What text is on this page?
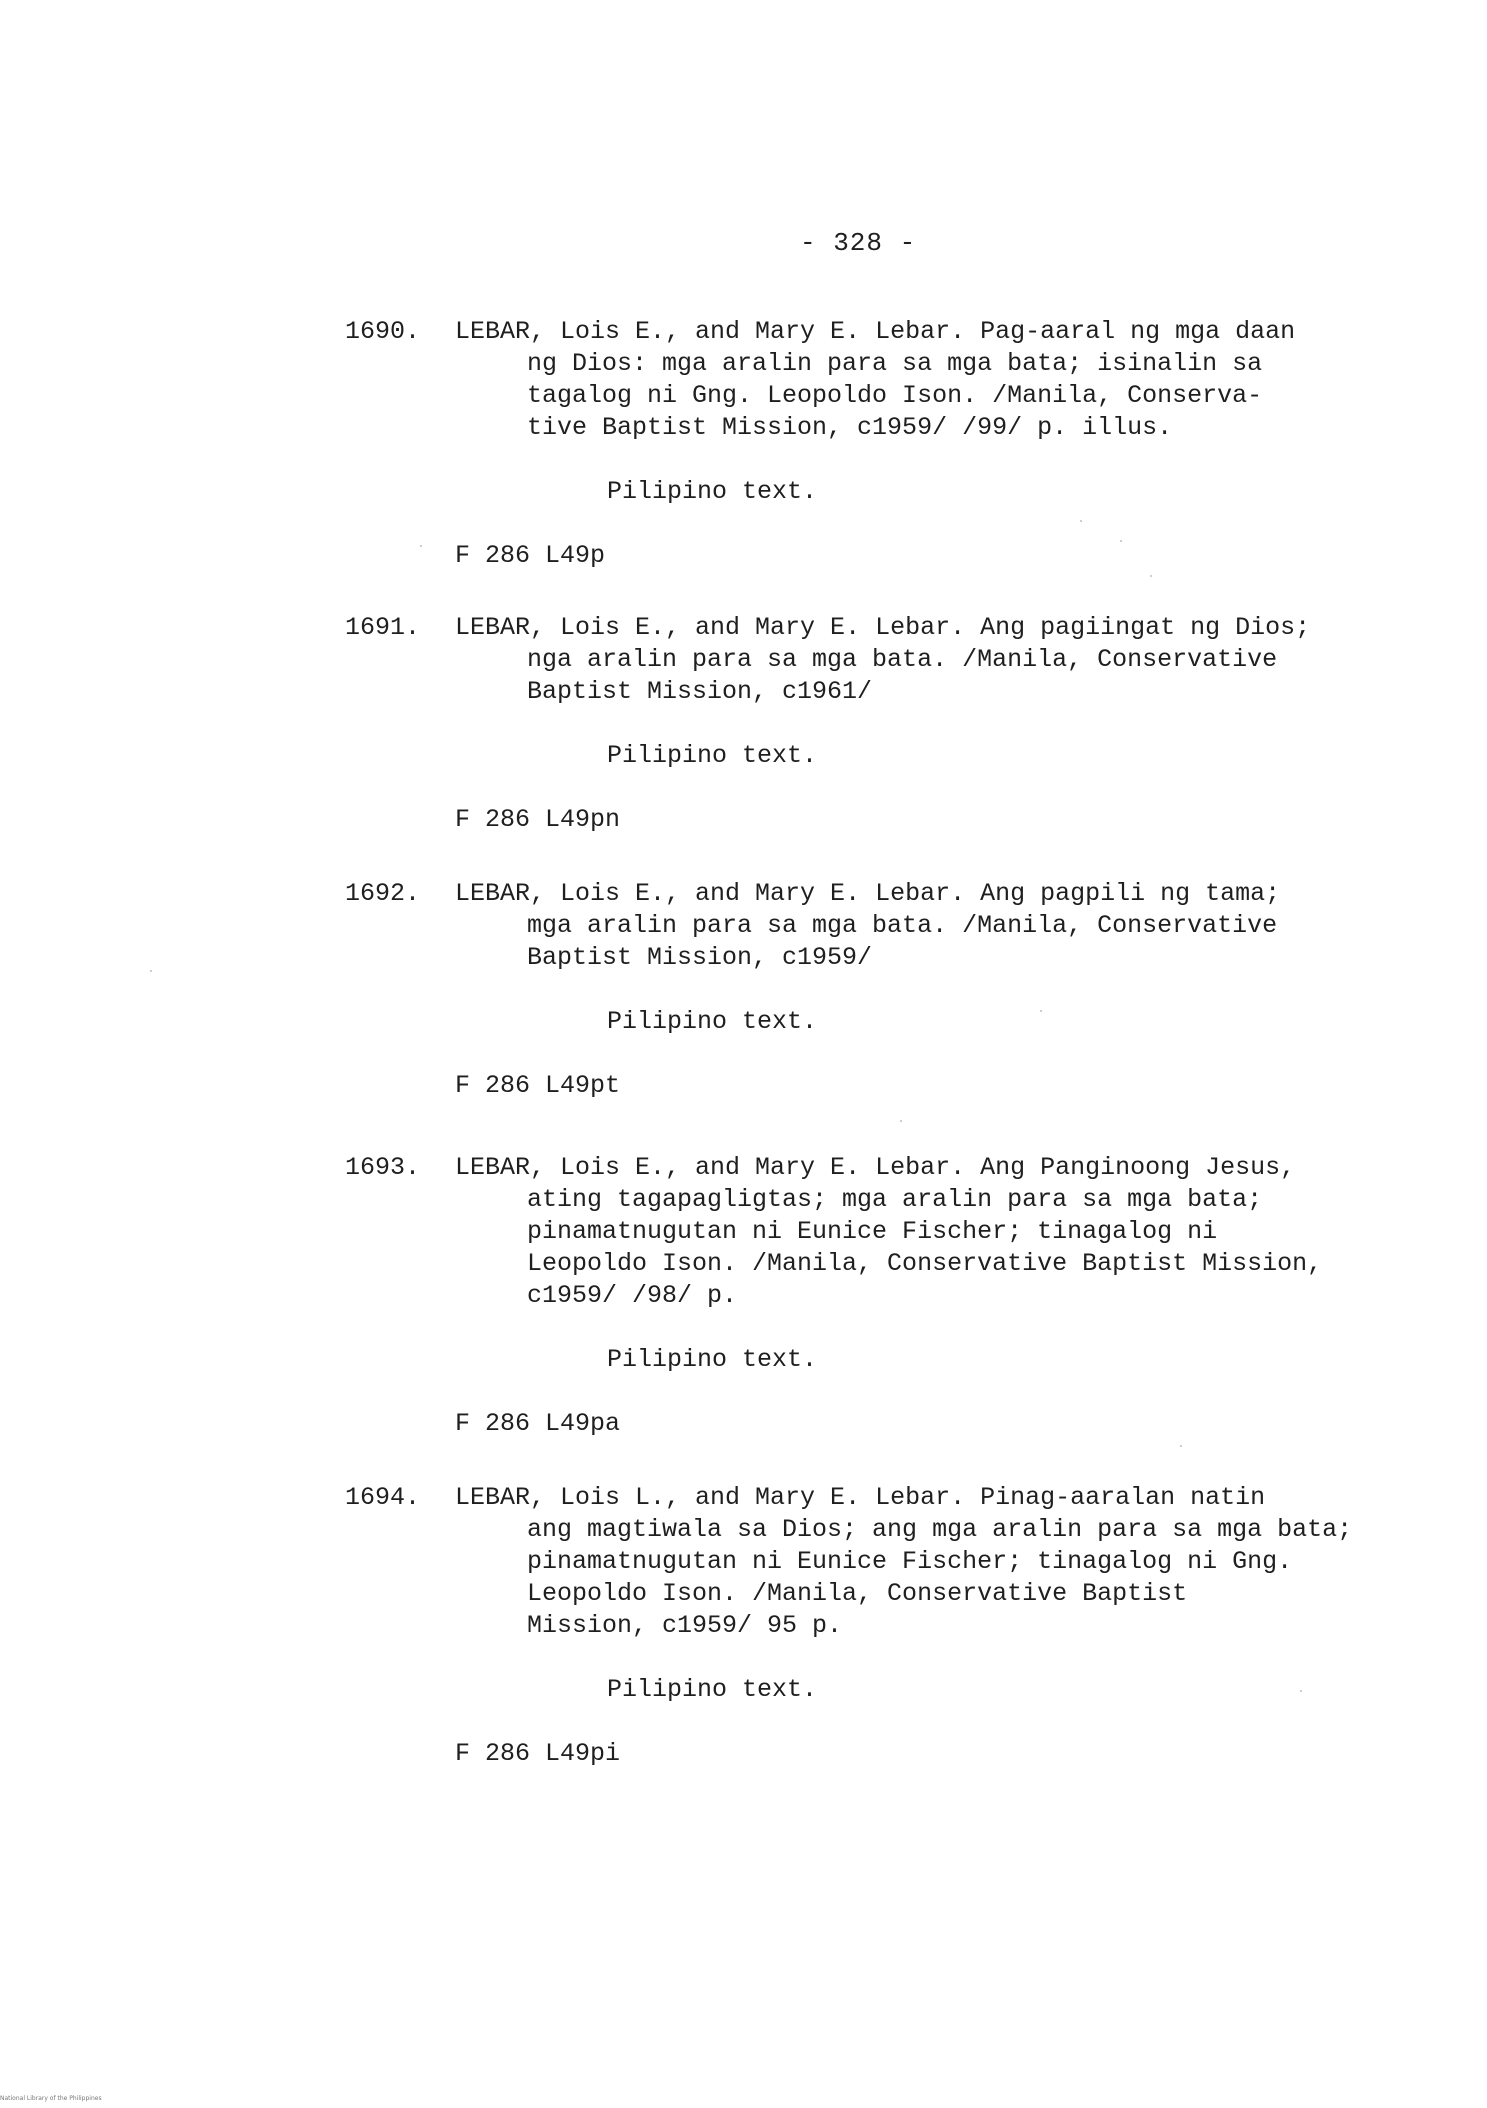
- 328 -
1690.	LEBAR, Lois E., and Mary E. Lebar. Pag-aaral ng mga daan
ng Dios: mga aralin para sa mga bata; isinalin sa
tagalog ni Gng. Leopoldo Ison. /Manila, Conserva-
tive Baptist Mission, c1959/ /99/ p. illus.
Pilipino text.
F 286 L49p
1691.	LEBAR, Lois E., and Mary E. Lebar. Ang pagiingat ng Dios;
nga aralin para sa mga bata. /Manila, Conservative
Baptist Mission, c1961/
Pilipino text.
F 286 L49pn
1692.	LEBAR, Lois E., and Mary E. Lebar. Ang pagpili ng tama;
mga aralin para sa mga bata. /Manila, Conservative
Baptist Mission, c1959/
Pilipino text.
F 286 L49pt
1693.	LEBAR, Lois E., and Mary E. Lebar. Ang Panginoong Jesus,
ating tagapagligtas; mga aralin para sa mga bata;
pinamatnugutan ni Eunice Fischer; tinagalog ni
Leopoldo Ison. /Manila, Conservative Baptist Mission,
c1959/ /98/ p.
Pilipino text.
F 286 L49pa
1694.	LEBAR, Lois L., and Mary E. Lebar. Pinag-aaralan natin
ang magtiwala sa Dios; ang mga aralin para sa mga bata;
pinamatnugutan ni Eunice Fischer; tinagalog ni Gng.
Leopoldo Ison. /Manila, Conservative Baptist
Mission, c1959/ 95 p.
Pilipino text.
F 286 L49pi
National Library of the Philippines
